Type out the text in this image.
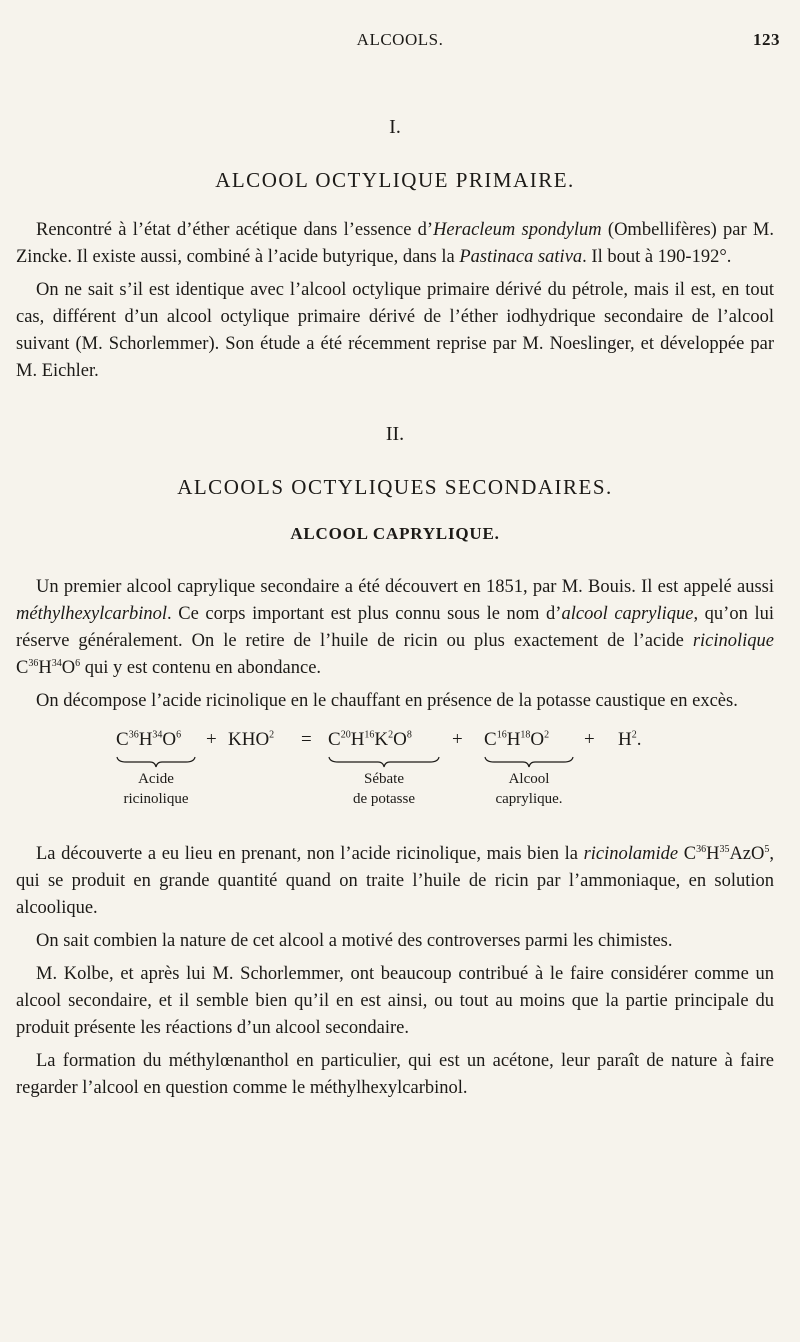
ALCOOLS.	123
I.
ALCOOL OCTYLIQUE PRIMAIRE.

Rencontré à l’état d’éther acétique dans l’essence d’Heracleum spondylum (Ombellifères) par M. Zincke. Il existe aussi, combiné à l’acide butyrique, dans la Pastinaca sativa. Il bout à 190-192°.

On ne sait s’il est identique avec l’alcool octylique primaire dérivé du pétrole, mais il est, en tout cas, différent d’un alcool octylique primaire dérivé de l’éther iodhydrique secondaire de l’alcool suivant (M. Schorlemmer). Son étude a été récemment reprise par M. Noeslinger, et développée par M. Eichler.

II.
ALCOOLS OCTYLIQUES SECONDAIRES.
ALCOOL CAPRYLIQUE.

Un premier alcool caprylique secondaire a été découvert en 1851, par M. Bouis. Il est appelé aussi méthylhexylcarbinol. Ce corps important est plus connu sous le nom d’alcool caprylique, qu’on lui réserve généralement. On le retire de l’huile de ricin ou plus exactement de l’acide ricinolique $C^{36}H^{34}O^6$ qui y est contenu en abondance.

On décompose l’acide ricinolique en le chauffant en présence de la potasse caustique en excès.

$C^{36}H^{34}O^6 + KHO^2 = C^{20}H^{16}K^2O^8 + C^{16}H^{18}O^2 + H^2$.
Acide
ricinolique
Sébate
de potasse
Alcool
caprylique.

La découverte a eu lieu en prenant, non l’acide ricinolique, mais bien la ricinolamide $C^{36}H^{35}AzO^5$, qui se produit en grande quantité quand on traite l’huile de ricin par l’ammoniaque, en solution alcoolique.

On sait combien la nature de cet alcool a motivé des controverses parmi les chimistes.

M. Kolbe, et après lui M. Schorlemmer, ont beaucoup contribué à le faire considérer comme un alcool secondaire, et il semble bien qu’il en est ainsi, ou tout au moins que la partie principale du produit présente les réactions d’un alcool secondaire.

La formation du méthylœnanthol en particulier, qui est un acétone, leur paraît de nature à faire regarder l’alcool en question comme le méthylhexylcarbinol.
